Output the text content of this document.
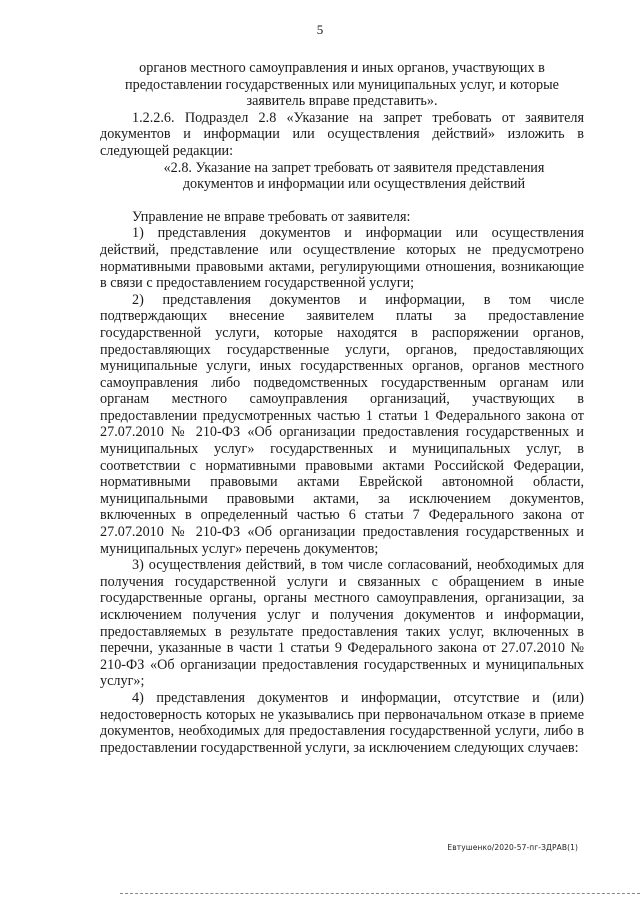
5

органов местного самоуправления и иных органов, участвующих в

предоставлении государственных или муниципальных услуг, и которые

заявитель вправе представить».

1.2.2.6. Подраздел 2.8 «Указание на запрет требовать от заявителя документов и информации или осуществления действий» изложить в следующей редакции:

«2.8. Указание на запрет требовать от заявителя представления

документов и информации или осуществления действий

Управление не вправе требовать от заявителя:

1) представления документов и информации или осуществления действий, представление или осуществление которых не предусмотрено нормативными правовыми актами, регулирующими отношения, возникающие в связи с предоставлением государственной услуги;

2) представления документов и информации, в том числе подтверждающих внесение заявителем платы за предоставление государственной услуги, которые находятся в распоряжении органов, предоставляющих государственные услуги, органов, предоставляющих муниципальные услуги, иных государственных органов, органов местного самоуправления либо подведомственных государственным органам или органам местного самоуправления организаций, участвующих в предоставлении предусмотренных частью 1 статьи 1 Федерального закона от 27.07.2010 № 210-ФЗ «Об организации предоставления государственных и муниципальных услуг» государственных и муниципальных услуг, в соответствии с нормативными правовыми актами Российской Федерации, нормативными правовыми актами Еврейской автономной области, муниципальными правовыми актами, за исключением документов, включенных в определенный частью 6 статьи 7 Федерального закона от 27.07.2010 № 210-ФЗ «Об организации предоставления государственных и муниципальных услуг» перечень документов;

3) осуществления действий, в том числе согласований, необходимых для получения государственной услуги и связанных с обращением в иные государственные органы, органы местного самоуправления, организации, за исключением получения услуг и получения документов и информации, предоставляемых в результате предоставления таких услуг, включенных в перечни, указанные в части 1 статьи 9 Федерального закона от 27.07.2010 № 210-ФЗ «Об организации предоставления государственных и муниципальных услуг»;

4) представления документов и информации, отсутствие и (или) недостоверность которых не указывались при первоначальном отказе в приеме документов, необходимых для предоставления государственной услуги, либо в предоставлении государственной услуги, за исключением следующих случаев:

Евтушенко/2020-57-пг-ЗДРАВ(1)
